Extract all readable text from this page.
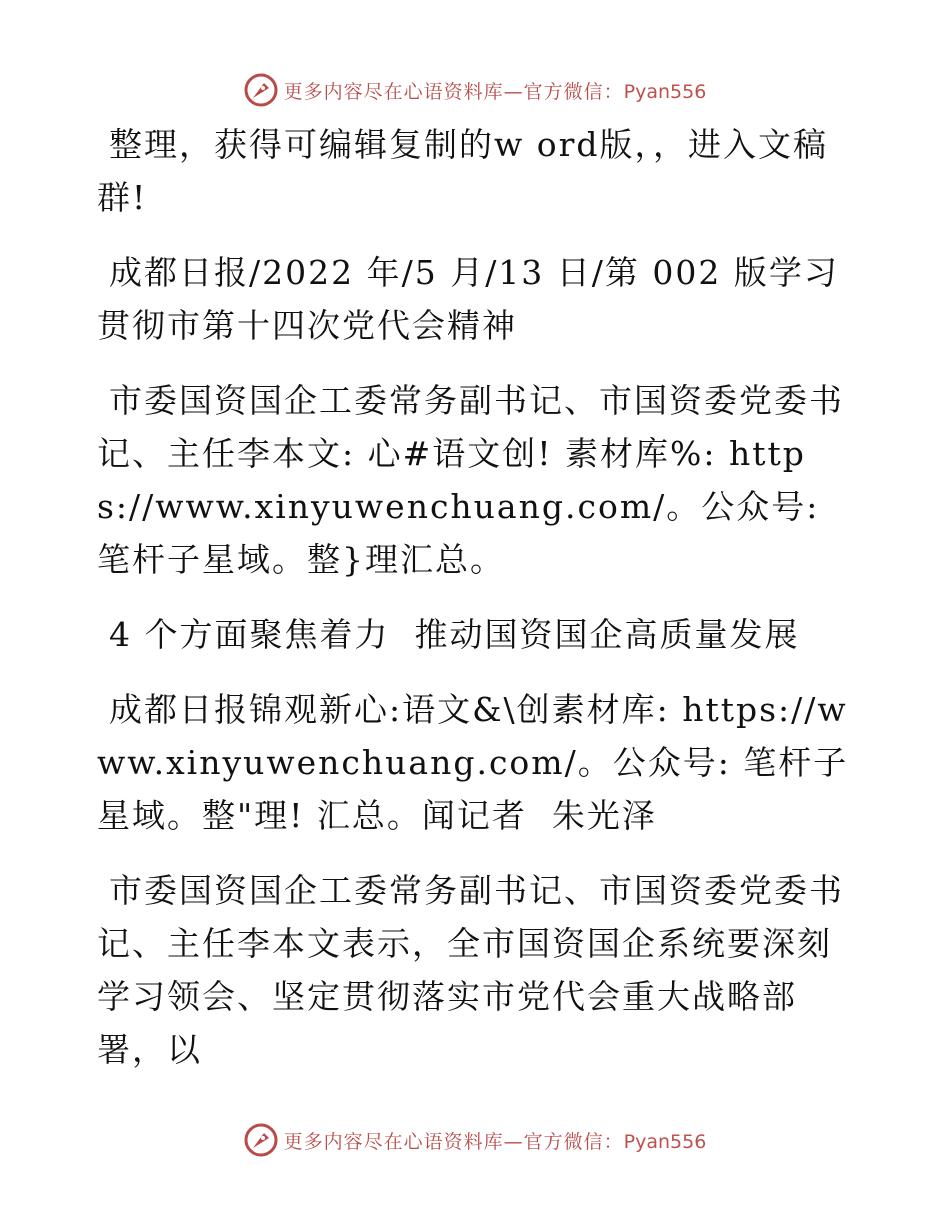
更多内容尽在心语资料库—官方微信：Pyan556

整理，获得可编辑复制的w ord版，，进入文稿群!

成都日报/2022 年/5 月/13 日/第 002 版学习贯彻市第十四次党代会精神

市委国资国企工委常务副书记、市国资委党委书记、主任李本文: 心#语文创! 素材库%: https://www.xinyuwenchuang.com/。公众号: 笔杆子星域。整}理汇总。

4 个方面聚焦着力  推动国资国企高质量发展

成都日报锦观新心:语文&\创素材库: https://www.xinyuwenchuang.com/。公众号: 笔杆子星域。整"理! 汇总。闻记者  朱光泽

市委国资国企工委常务副书记、市国资委党委书记、主任李本文表示，全市国资国企系统要深刻学习领会、坚定贯彻落实市党代会重大战略部署，以

更多内容尽在心语资料库—官方微信：Pyan556
